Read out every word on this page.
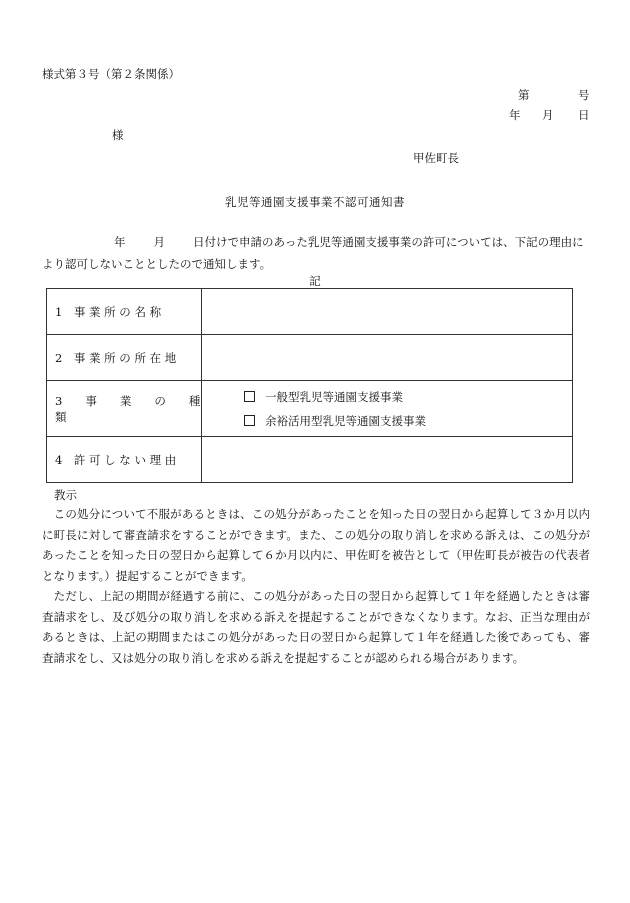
様式第３号（第２条関係）
第	号
年 月 日
様
甲佐町長
乳児等通園支援事業不認可通知書
年 月 日付けで申請のあった乳児等通園支援事業の許可については、下記の理由により認可しないこととしたので通知します。
記
1　事 業 所 の 名 称	
2　事 業 所 の 所 在 地	
3　　事　　業　　の　　種　　類	一般型乳児等通園支援事業
余裕活用型乳児等通園支援事業

4　許 可 し な い 理 由	
教示

　この処分について不服があるときは、この処分があったことを知った日の翌日から起算して３か月以内に町長に対して審査請求をすることができます。また、この処分の取り消しを求める訴えは、この処分があったことを知った日の翌日から起算して６か月以内に、甲佐町を被告として（甲佐町長が被告の代表者となります。）提起することができます。

　ただし、上記の期間が経過する前に、この処分があった日の翌日から起算して１年を経過したときは審査請求をし、及び処分の取り消しを求める訴えを提起することができなくなります。なお、正当な理由があるときは、上記の期間またはこの処分があった日の翌日から起算して１年を経過した後であっても、審査請求をし、又は処分の取り消しを求める訴えを提起することが認められる場合があります。
